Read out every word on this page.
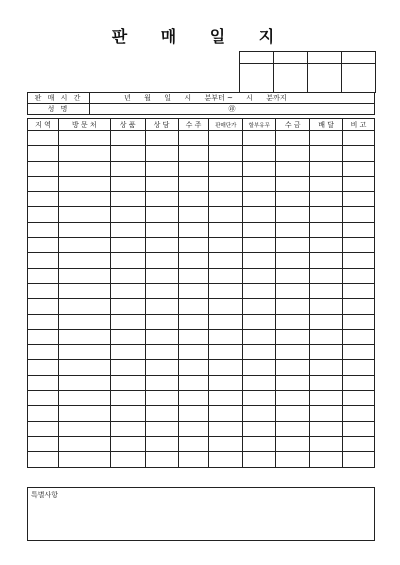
판 매 일 지

판 매 시 간	년      월      일      시      분부터 ~      시      분까지
성 명	㊞
지 역	방 문 처	상 품	상 담	수 주	판매단가	할부유무	수 금	배 달	비 고

특별사항
